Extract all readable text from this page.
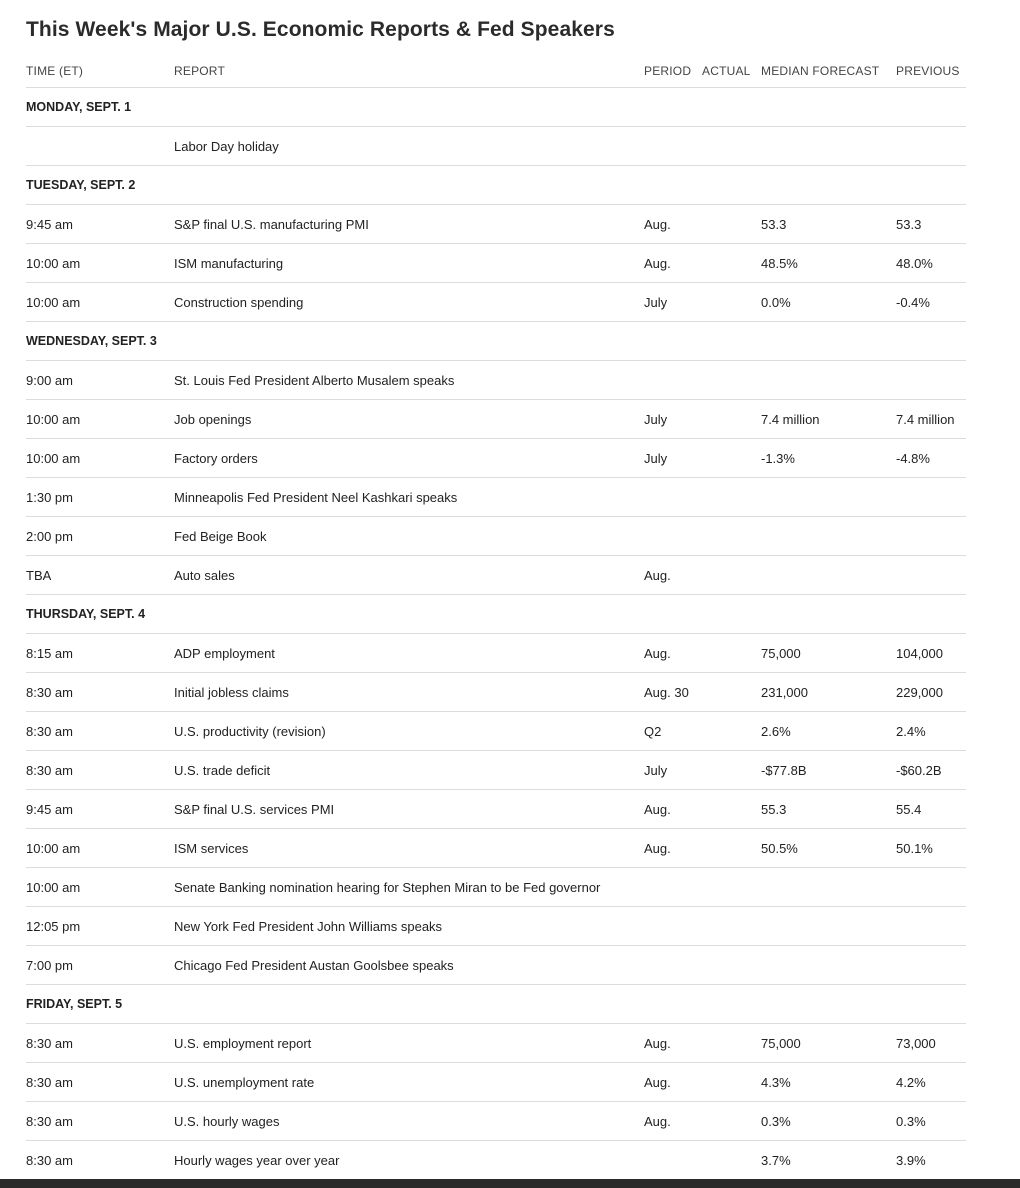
This Week's Major U.S. Economic Reports & Fed Speakers
TIME (ET)	REPORT	PERIOD	ACTUAL	MEDIAN FORECAST	PREVIOUS
MONDAY, SEPT. 1					
	Labor Day holiday				
TUESDAY, SEPT. 2					
9:45 am	S&P final U.S. manufacturing PMI	Aug.		53.3	53.3
10:00 am	ISM manufacturing	Aug.		48.5%	48.0%
10:00 am	Construction spending	July		0.0%	-0.4%
WEDNESDAY, SEPT. 3					
9:00 am	St. Louis Fed President Alberto Musalem speaks				
10:00 am	Job openings	July		7.4 million	7.4 million
10:00 am	Factory orders	July		-1.3%	-4.8%
1:30 pm	Minneapolis Fed President Neel Kashkari speaks				
2:00 pm	Fed Beige Book				
TBA	Auto sales	Aug.			
THURSDAY, SEPT. 4					
8:15 am	ADP employment	Aug.		75,000	104,000
8:30 am	Initial jobless claims	Aug. 30		231,000	229,000
8:30 am	U.S. productivity (revision)	Q2		2.6%	2.4%
8:30 am	U.S. trade deficit	July		-$77.8B	-$60.2B
9:45 am	S&P final U.S. services PMI	Aug.		55.3	55.4
10:00 am	ISM services	Aug.		50.5%	50.1%
10:00 am	Senate Banking nomination hearing for Stephen Miran to be Fed governor				
12:05 pm	New York Fed President John Williams speaks				
7:00 pm	Chicago Fed President Austan Goolsbee speaks				
FRIDAY, SEPT. 5					
8:30 am	U.S. employment report	Aug.		75,000	73,000
8:30 am	U.S. unemployment rate	Aug.		4.3%	4.2%
8:30 am	U.S. hourly wages	Aug.		0.3%	0.3%
8:30 am	Hourly wages year over year			3.7%	3.9%
